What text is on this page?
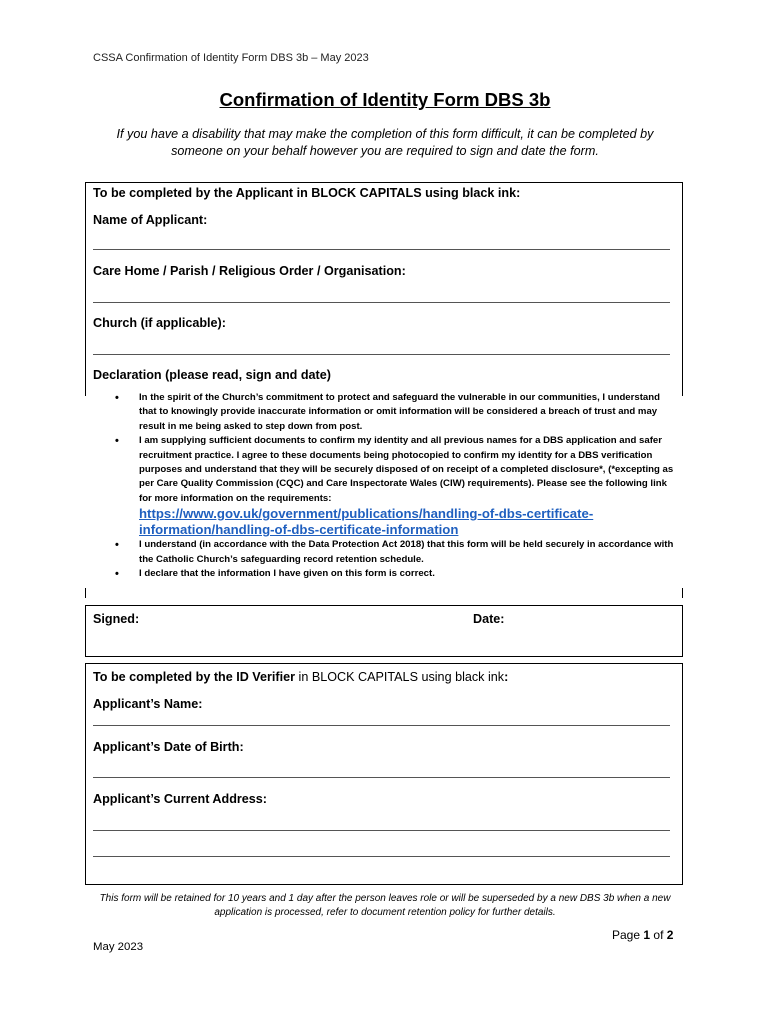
CSSA Confirmation of Identity Form DBS 3b – May 2023
Confirmation of Identity Form DBS 3b
If you have a disability that may make the completion of this form difficult, it can be completed by someone on your behalf however you are required to sign and date the form.
To be completed by the Applicant in BLOCK CAPITALS using black ink:
Name of Applicant:
Care Home / Parish / Religious Order / Organisation:
Church (if applicable):
Declaration (please read, sign and date)
• In the spirit of the Church’s commitment to protect and safeguard the vulnerable in our communities, I understand that to knowingly provide inaccurate information or omit information will be considered a breach of trust and may result in me being asked to step down from post.
• I am supplying sufficient documents to confirm my identity and all previous names for a DBS application and safer recruitment practice. I agree to these documents being photocopied to confirm my identity for a DBS verification purposes and understand that they will be securely disposed of on receipt of a completed disclosure*, (*excepting as per Care Quality Commission (CQC) and Care Inspectorate Wales (CIW) requirements). Please see the following link for more information on the requirements:
https://www.gov.uk/government/publications/handling-of-dbs-certificate-information/handling-of-dbs-certificate-information
• I understand (in accordance with the Data Protection Act 2018) that this form will be held securely in accordance with the Catholic Church’s safeguarding record retention schedule.
• I declare that the information I have given on this form is correct.
Signed:	Date:
To be completed by the ID Verifier in BLOCK CAPITALS using black ink:
Applicant’s Name:
Applicant’s Date of Birth:
Applicant’s Current Address:
This form will be retained for 10 years and 1 day after the person leaves role or will be superseded by a new DBS 3b when a new application is processed, refer to document retention policy for further details.
Page 1 of 2
May 2023
